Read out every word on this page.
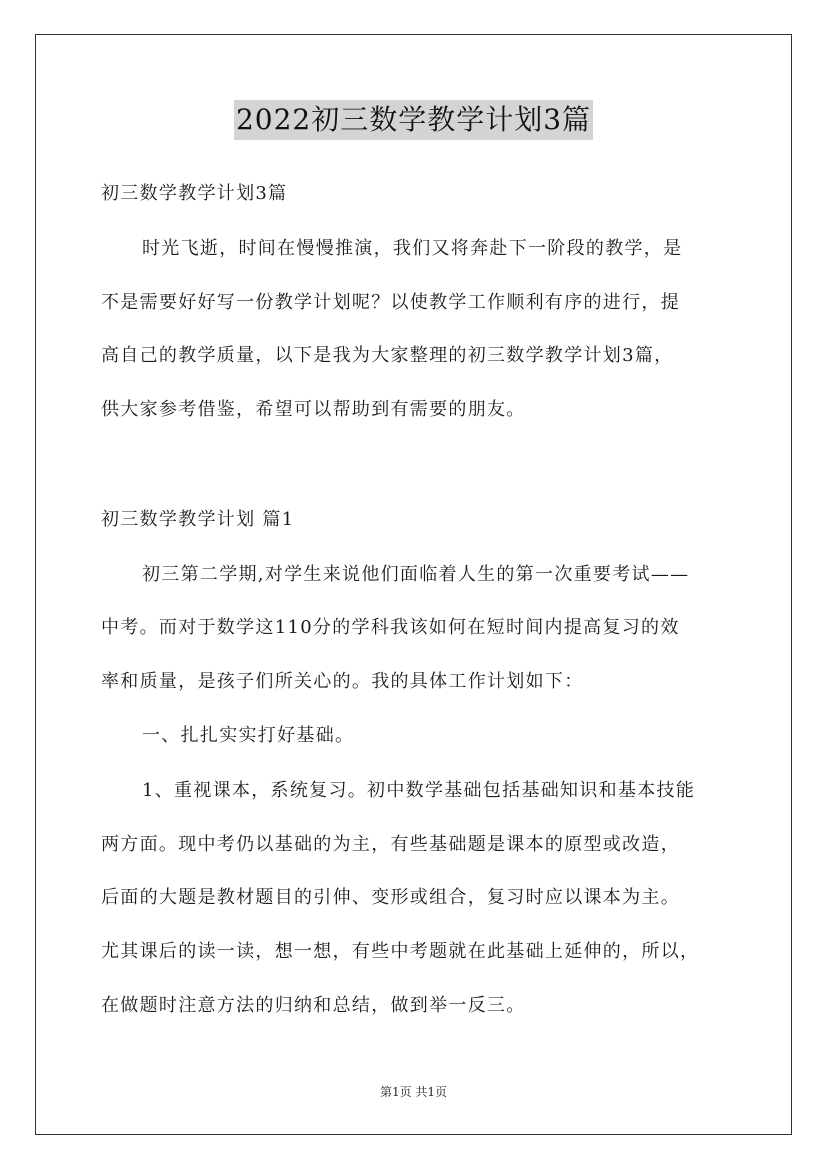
2022初三数学教学计划3篇
初三数学教学计划3篇
时光飞逝，时间在慢慢推演，我们又将奔赴下一阶段的教学，是
不是需要好好写一份教学计划呢？以使教学工作顺利有序的进行，提
高自己的教学质量，以下是我为大家整理的初三数学教学计划3篇，
供大家参考借鉴，希望可以帮助到有需要的朋友。
初三数学教学计划 篇1
初三第二学期,对学生来说他们面临着人生的第一次重要考试——
中考。而对于数学这110分的学科我该如何在短时间内提高复习的效
率和质量，是孩子们所关心的。我的具体工作计划如下：
一、扎扎实实打好基础。
1、重视课本，系统复习。初中数学基础包括基础知识和基本技能
两方面。现中考仍以基础的为主，有些基础题是课本的原型或改造，
后面的大题是教材题目的引伸、变形或组合，复习时应以课本为主。
尤其课后的读一读，想一想，有些中考题就在此基础上延伸的，所以，
在做题时注意方法的归纳和总结，做到举一反三。
第1页 共1页
